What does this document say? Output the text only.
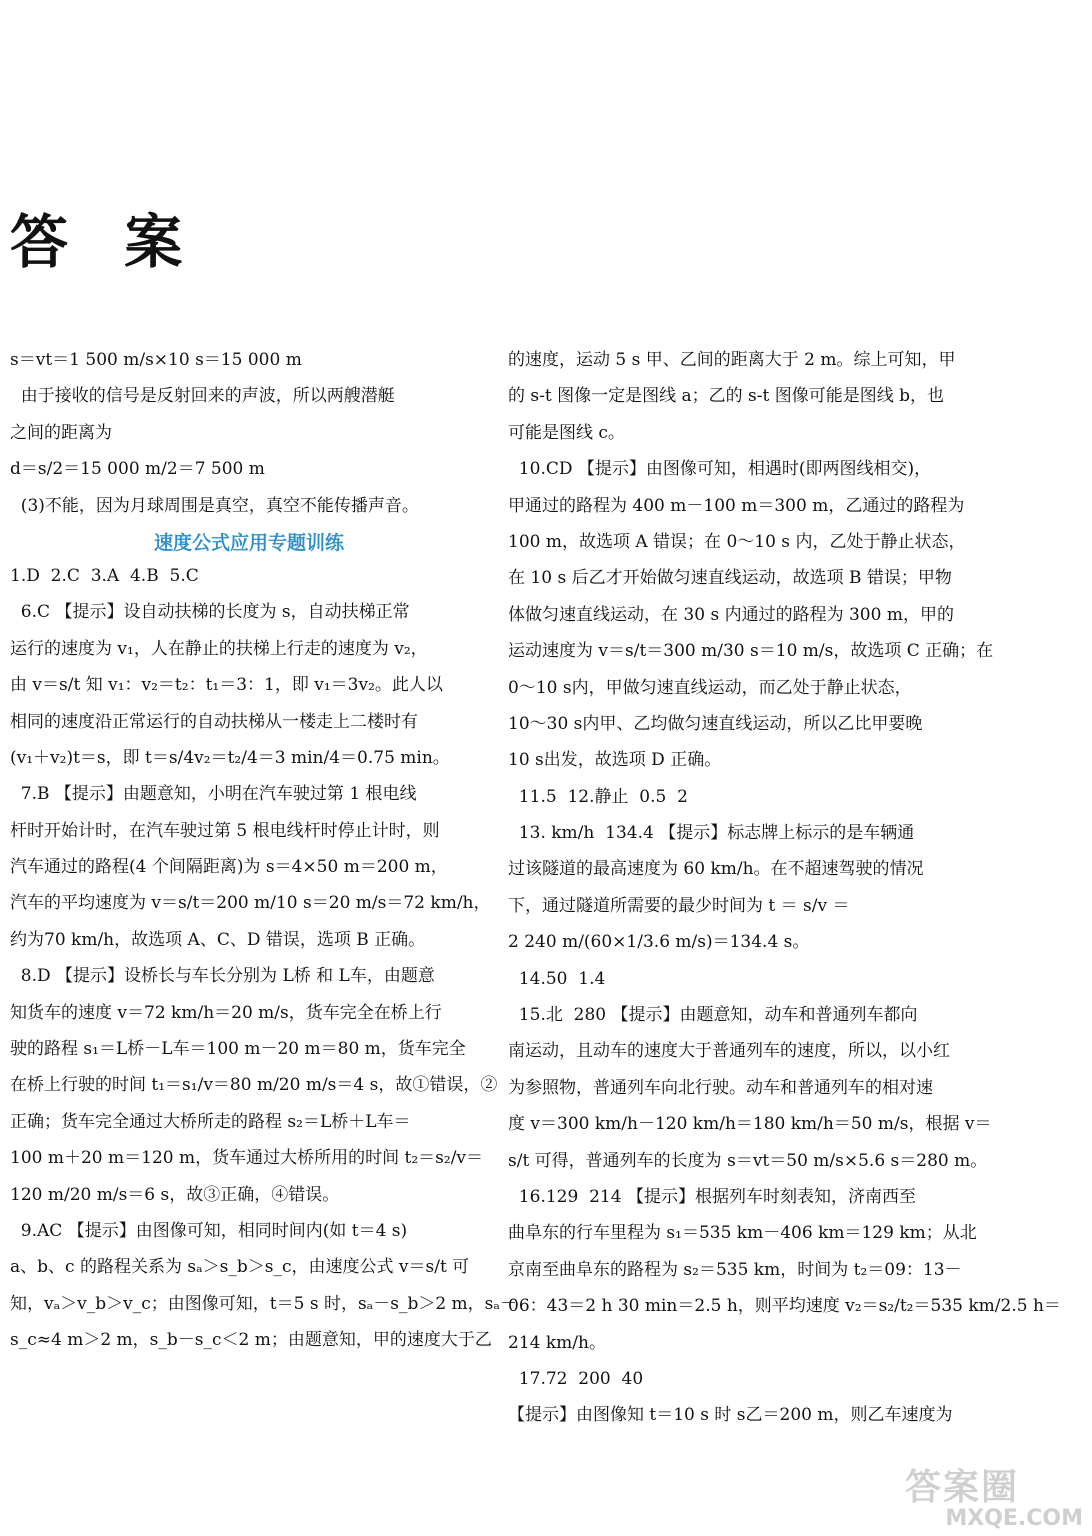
答 案
s＝vt＝1 500 m/s×10 s＝15 000 m
由于接收的信号是反射回来的声波，所以两艘潜艇
之间的距离为
d＝s/2＝15 000 m/2＝7 500 m
(3)不能，因为月球周围是真空，真空不能传播声音。
速度公式应用专题训练
1.D  2.C  3.A  4.B  5.C
6.C 【提示】设自动扶梯的长度为 s，自动扶梯正常
运行的速度为 v₁，人在静止的扶梯上行走的速度为 v₂，
由 v＝s/t 知 v₁：v₂＝t₂：t₁＝3：1，即 v₁＝3v₂。此人以
相同的速度沿正常运行的自动扶梯从一楼走上二楼时有
(v₁＋v₂)t＝s，即 t＝s/4v₂＝t₂/4＝3 min/4＝0.75 min。
7.B 【提示】由题意知，小明在汽车驶过第 1 根电线
杆时开始计时，在汽车驶过第 5 根电线杆时停止计时，则
汽车通过的路程(4 个间隔距离)为 s＝4×50 m＝200 m，
汽车的平均速度为 v＝s/t＝200 m/10 s＝20 m/s＝72 km/h，
约为70 km/h，故选项 A、C、D 错误，选项 B 正确。
8.D 【提示】设桥长与车长分别为 L桥 和 L车，由题意
知货车的速度 v＝72 km/h＝20 m/s，货车完全在桥上行
驶的路程 s₁＝L桥－L车＝100 m－20 m＝80 m，货车完全
在桥上行驶的时间 t₁＝s₁/v＝80 m/20 m/s＝4 s，故①错误，②
正确；货车完全通过大桥所走的路程 s₂＝L桥＋L车＝
100 m＋20 m＝120 m，货车通过大桥所用的时间 t₂＝s₂/v＝
120 m/20 m/s＝6 s，故③正确，④错误。
9.AC 【提示】由图像可知，相同时间内(如 t＝4 s)
a、b、c 的路程关系为 sₐ＞s_b＞s_c，由速度公式 v＝s/t 可
知，vₐ＞v_b＞v_c；由图像可知，t＝5 s 时，sₐ－s_b＞2 m，sₐ－
s_c≈4 m＞2 m，s_b－s_c＜2 m；由题意知，甲的速度大于乙
的速度，运动 5 s 甲、乙间的距离大于 2 m。综上可知，甲
的 s-t 图像一定是图线 a；乙的 s-t 图像可能是图线 b，也
可能是图线 c。
10.CD 【提示】由图像可知，相遇时(即两图线相交)，
甲通过的路程为 400 m－100 m＝300 m，乙通过的路程为
100 m，故选项 A 错误；在 0～10 s 内，乙处于静止状态，
在 10 s 后乙才开始做匀速直线运动，故选项 B 错误；甲物
体做匀速直线运动，在 30 s 内通过的路程为 300 m，甲的
运动速度为 v＝s/t＝300 m/30 s＝10 m/s，故选项 C 正确；在
0～10 s内，甲做匀速直线运动，而乙处于静止状态，
10～30 s内甲、乙均做匀速直线运动，所以乙比甲要晚
10 s出发，故选项 D 正确。
11.5  12.静止  0.5  2
13. km/h  134.4 【提示】标志牌上标示的是车辆通
过该隧道的最高速度为 60 km/h。在不超速驾驶的情况
下，通过隧道所需要的最少时间为 t ＝ s/v ＝
2 240 m/(60×1/3.6 m/s)＝134.4 s。
14.50  1.4
15.北  280 【提示】由题意知，动车和普通列车都向
南运动，且动车的速度大于普通列车的速度，所以，以小红
为参照物，普通列车向北行驶。动车和普通列车的相对速
度 v＝300 km/h－120 km/h＝180 km/h＝50 m/s，根据 v＝
s/t 可得，普通列车的长度为 s＝vt＝50 m/s×5.6 s＝280 m。
16.129  214 【提示】根据列车时刻表知，济南西至
曲阜东的行车里程为 s₁＝535 km－406 km＝129 km；从北
京南至曲阜东的路程为 s₂＝535 km，时间为 t₂＝09：13－
06：43＝2 h 30 min＝2.5 h，则平均速度 v₂＝s₂/t₂＝535 km/2.5 h＝
214 km/h。
17.72  200  40
【提示】由图像知 t＝10 s 时 s乙＝200 m，则乙车速度为
答案圈
MXQE.COM
